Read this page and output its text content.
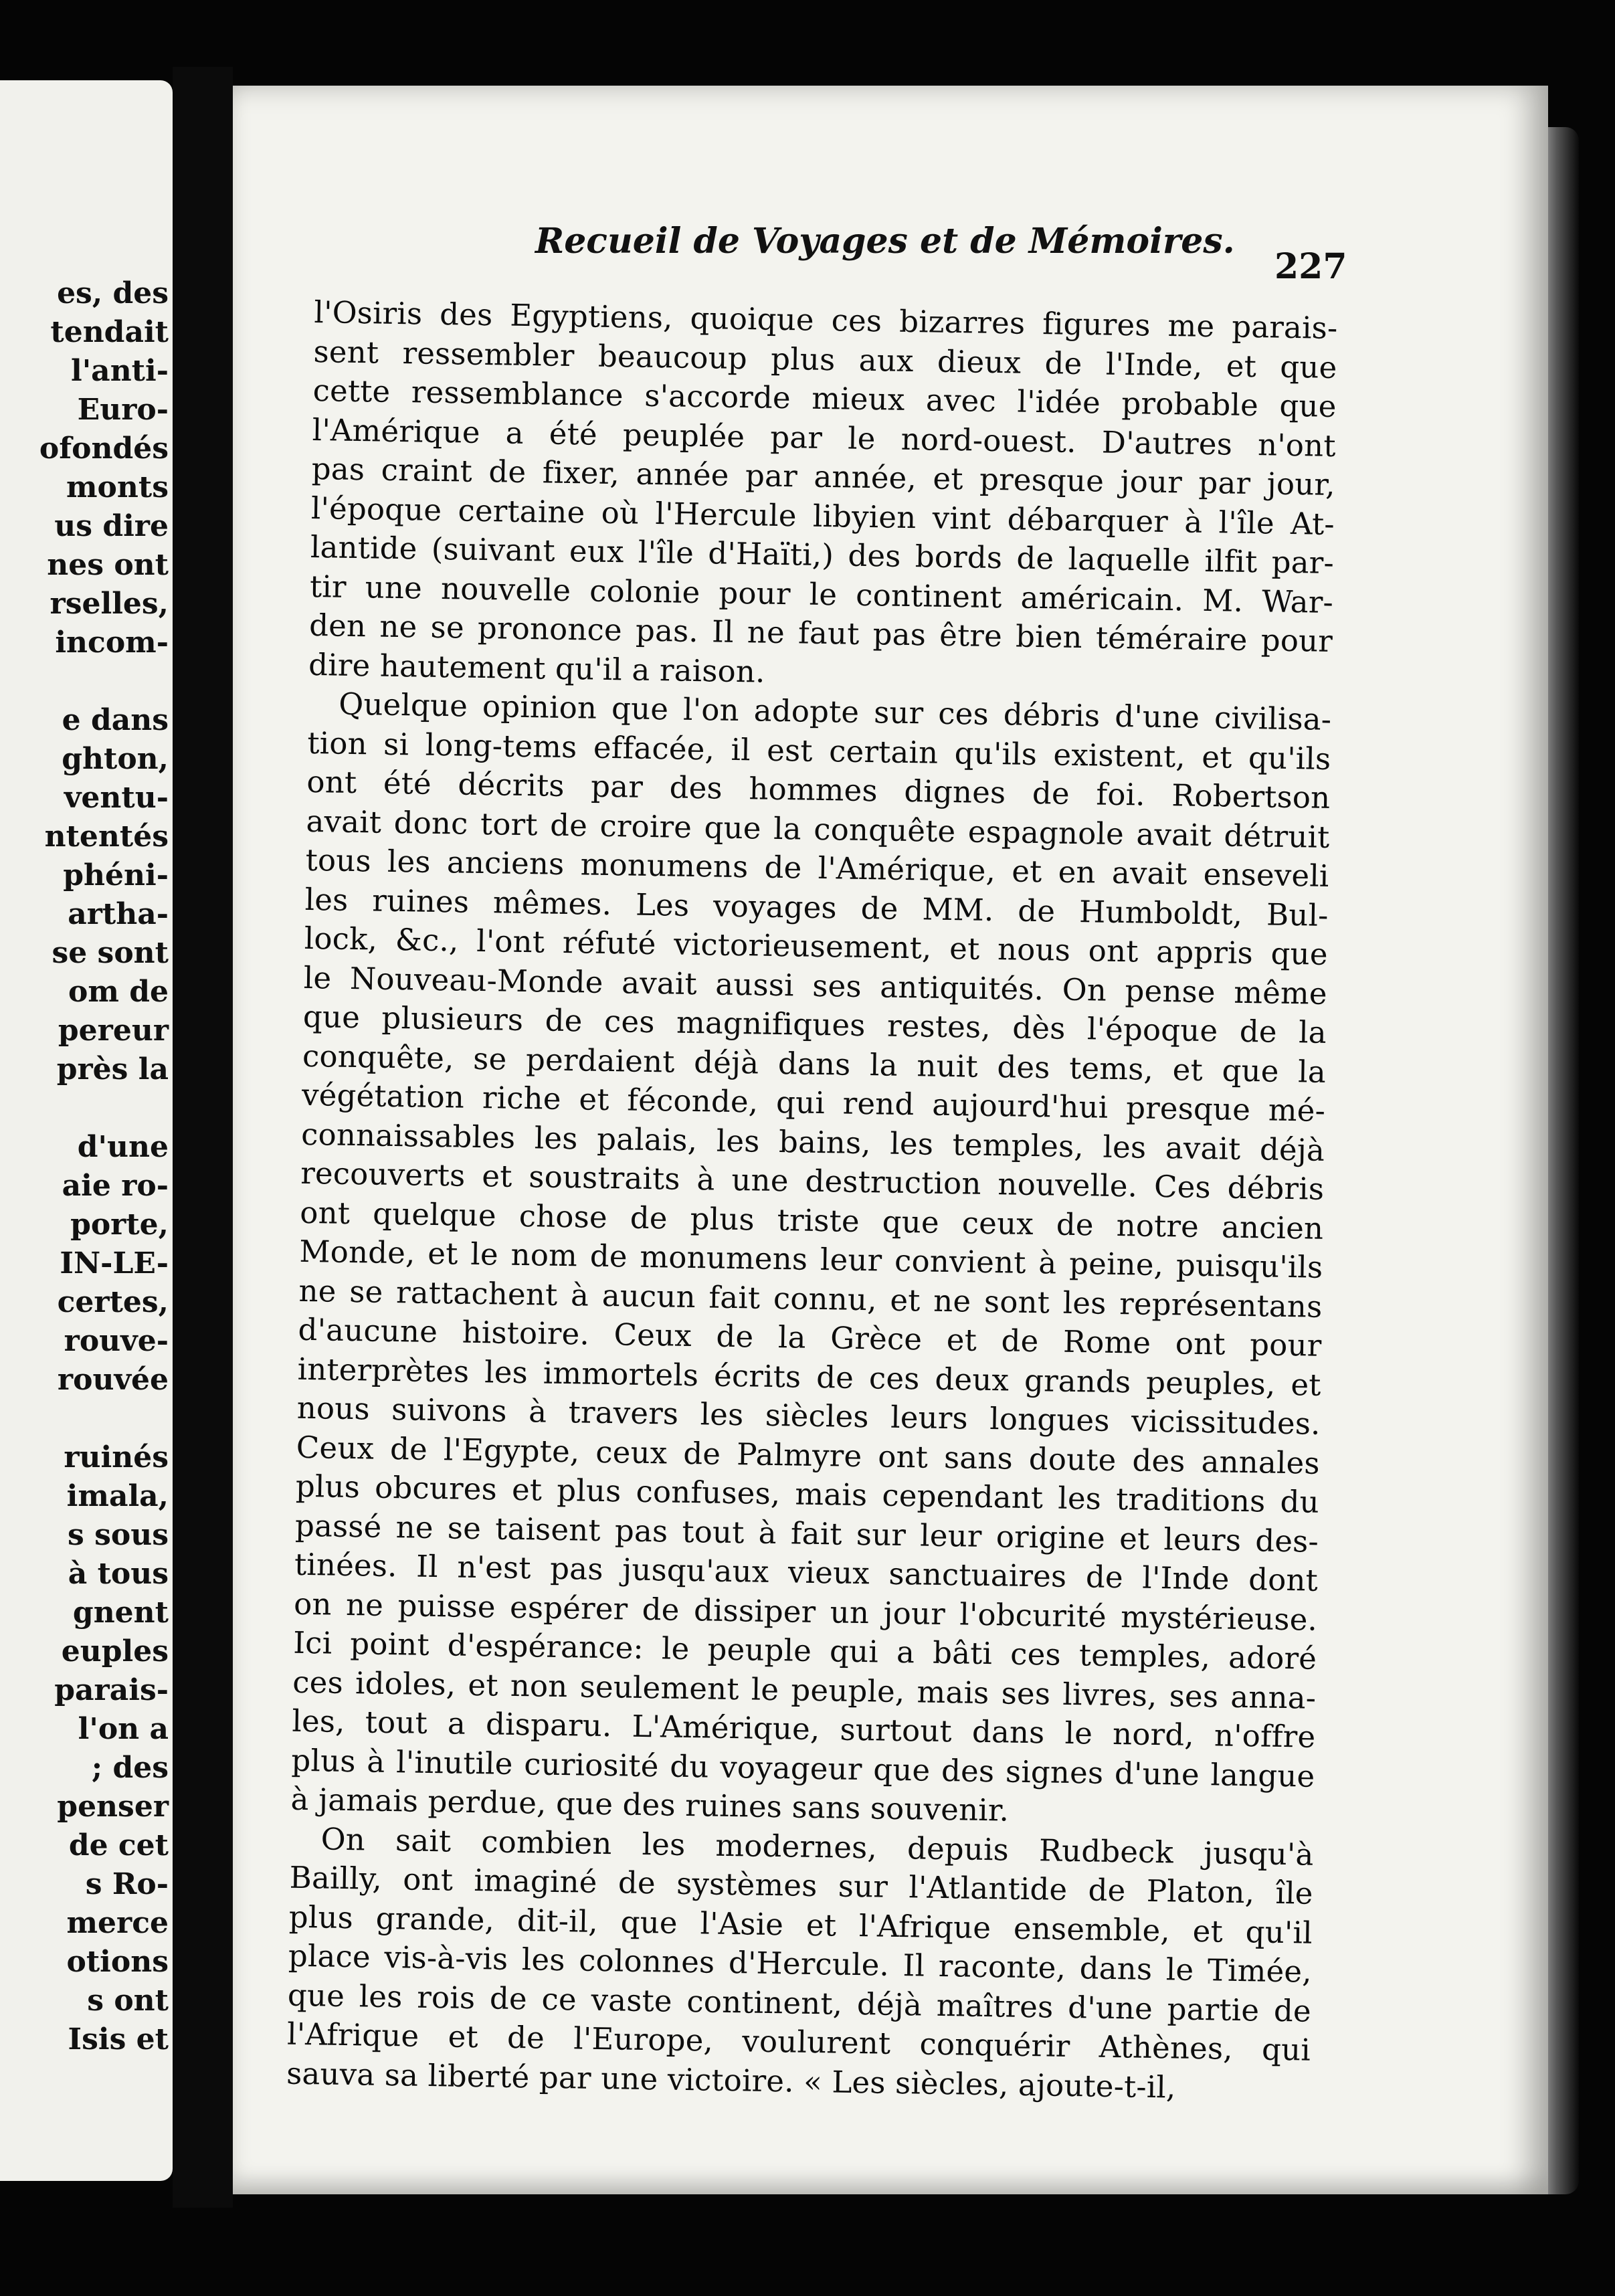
es, des
tendait
l'anti-
Euro-
ofondés
monts
us dire
nes ont
rselles,
incom-
e dans
ghton,
ventu-
ntentés
phéni-
artha-
se sont
om de
pereur
près la
d'une
aie ro-
porte,
IN-LE-
certes,
rouve-
rouvée
ruinés
imala,
s sous
à tous
gnent
euples
parais-
l'on a
; des
penser
de cet
s Ro-
merce
otions
s ont
Isis et
Recueil de Voyages et de Mémoires.
227
l'Osiris des Egyptiens, quoique ces bizarres figures me parais-
sent ressembler beaucoup plus aux dieux de l'Inde, et que
cette ressemblance s'accorde mieux avec l'idée probable que
l'Amérique a été peuplée par le nord-ouest. D'autres n'ont
pas craint de fixer, année par année, et presque jour par jour,
l'époque certaine où l'Hercule libyien vint débarquer à l'île At-
lantide (suivant eux l'île d'Haïti,) des bords de laquelle ilfit par-
tir une nouvelle colonie pour le continent américain. M. War-
den ne se prononce pas. Il ne faut pas être bien téméraire pour
dire hautement qu'il a raison.
Quelque opinion que l'on adopte sur ces débris d'une civilisa-
tion si long-tems effacée, il est certain qu'ils existent, et qu'ils
ont été décrits par des hommes dignes de foi. Robertson
avait donc tort de croire que la conquête espagnole avait détruit
tous les anciens monumens de l'Amérique, et en avait enseveli
les ruines mêmes. Les voyages de MM. de Humboldt, Bul-
lock, &c., l'ont réfuté victorieusement, et nous ont appris que
le Nouveau-Monde avait aussi ses antiquités. On pense même
que plusieurs de ces magnifiques restes, dès l'époque de la
conquête, se perdaient déjà dans la nuit des tems, et que la
végétation riche et féconde, qui rend aujourd'hui presque mé-
connaissables les palais, les bains, les temples, les avait déjà
recouverts et soustraits à une destruction nouvelle. Ces débris
ont quelque chose de plus triste que ceux de notre ancien
Monde, et le nom de monumens leur convient à peine, puisqu'ils
ne se rattachent à aucun fait connu, et ne sont les représentans
d'aucune histoire. Ceux de la Grèce et de Rome ont pour
interprètes les immortels écrits de ces deux grands peuples, et
nous suivons à travers les siècles leurs longues vicissitudes.
Ceux de l'Egypte, ceux de Palmyre ont sans doute des annales
plus obcures et plus confuses, mais cependant les traditions du
passé ne se taisent pas tout à fait sur leur origine et leurs des-
tinées. Il n'est pas jusqu'aux vieux sanctuaires de l'Inde dont
on ne puisse espérer de dissiper un jour l'obcurité mystérieuse.
Ici point d'espérance: le peuple qui a bâti ces temples, adoré
ces idoles, et non seulement le peuple, mais ses livres, ses anna-
les, tout a disparu. L'Amérique, surtout dans le nord, n'offre
plus à l'inutile curiosité du voyageur que des signes d'une langue
à jamais perdue, que des ruines sans souvenir.
On sait combien les modernes, depuis Rudbeck jusqu'à
Bailly, ont imaginé de systèmes sur l'Atlantide de Platon, île
plus grande, dit-il, que l'Asie et l'Afrique ensemble, et qu'il
place vis-à-vis les colonnes d'Hercule. Il raconte, dans le Timée,
que les rois de ce vaste continent, déjà maîtres d'une partie de
l'Afrique et de l'Europe, voulurent conquérir Athènes, qui
sauva sa liberté par une victoire. « Les siècles, ajoute-t-il,
